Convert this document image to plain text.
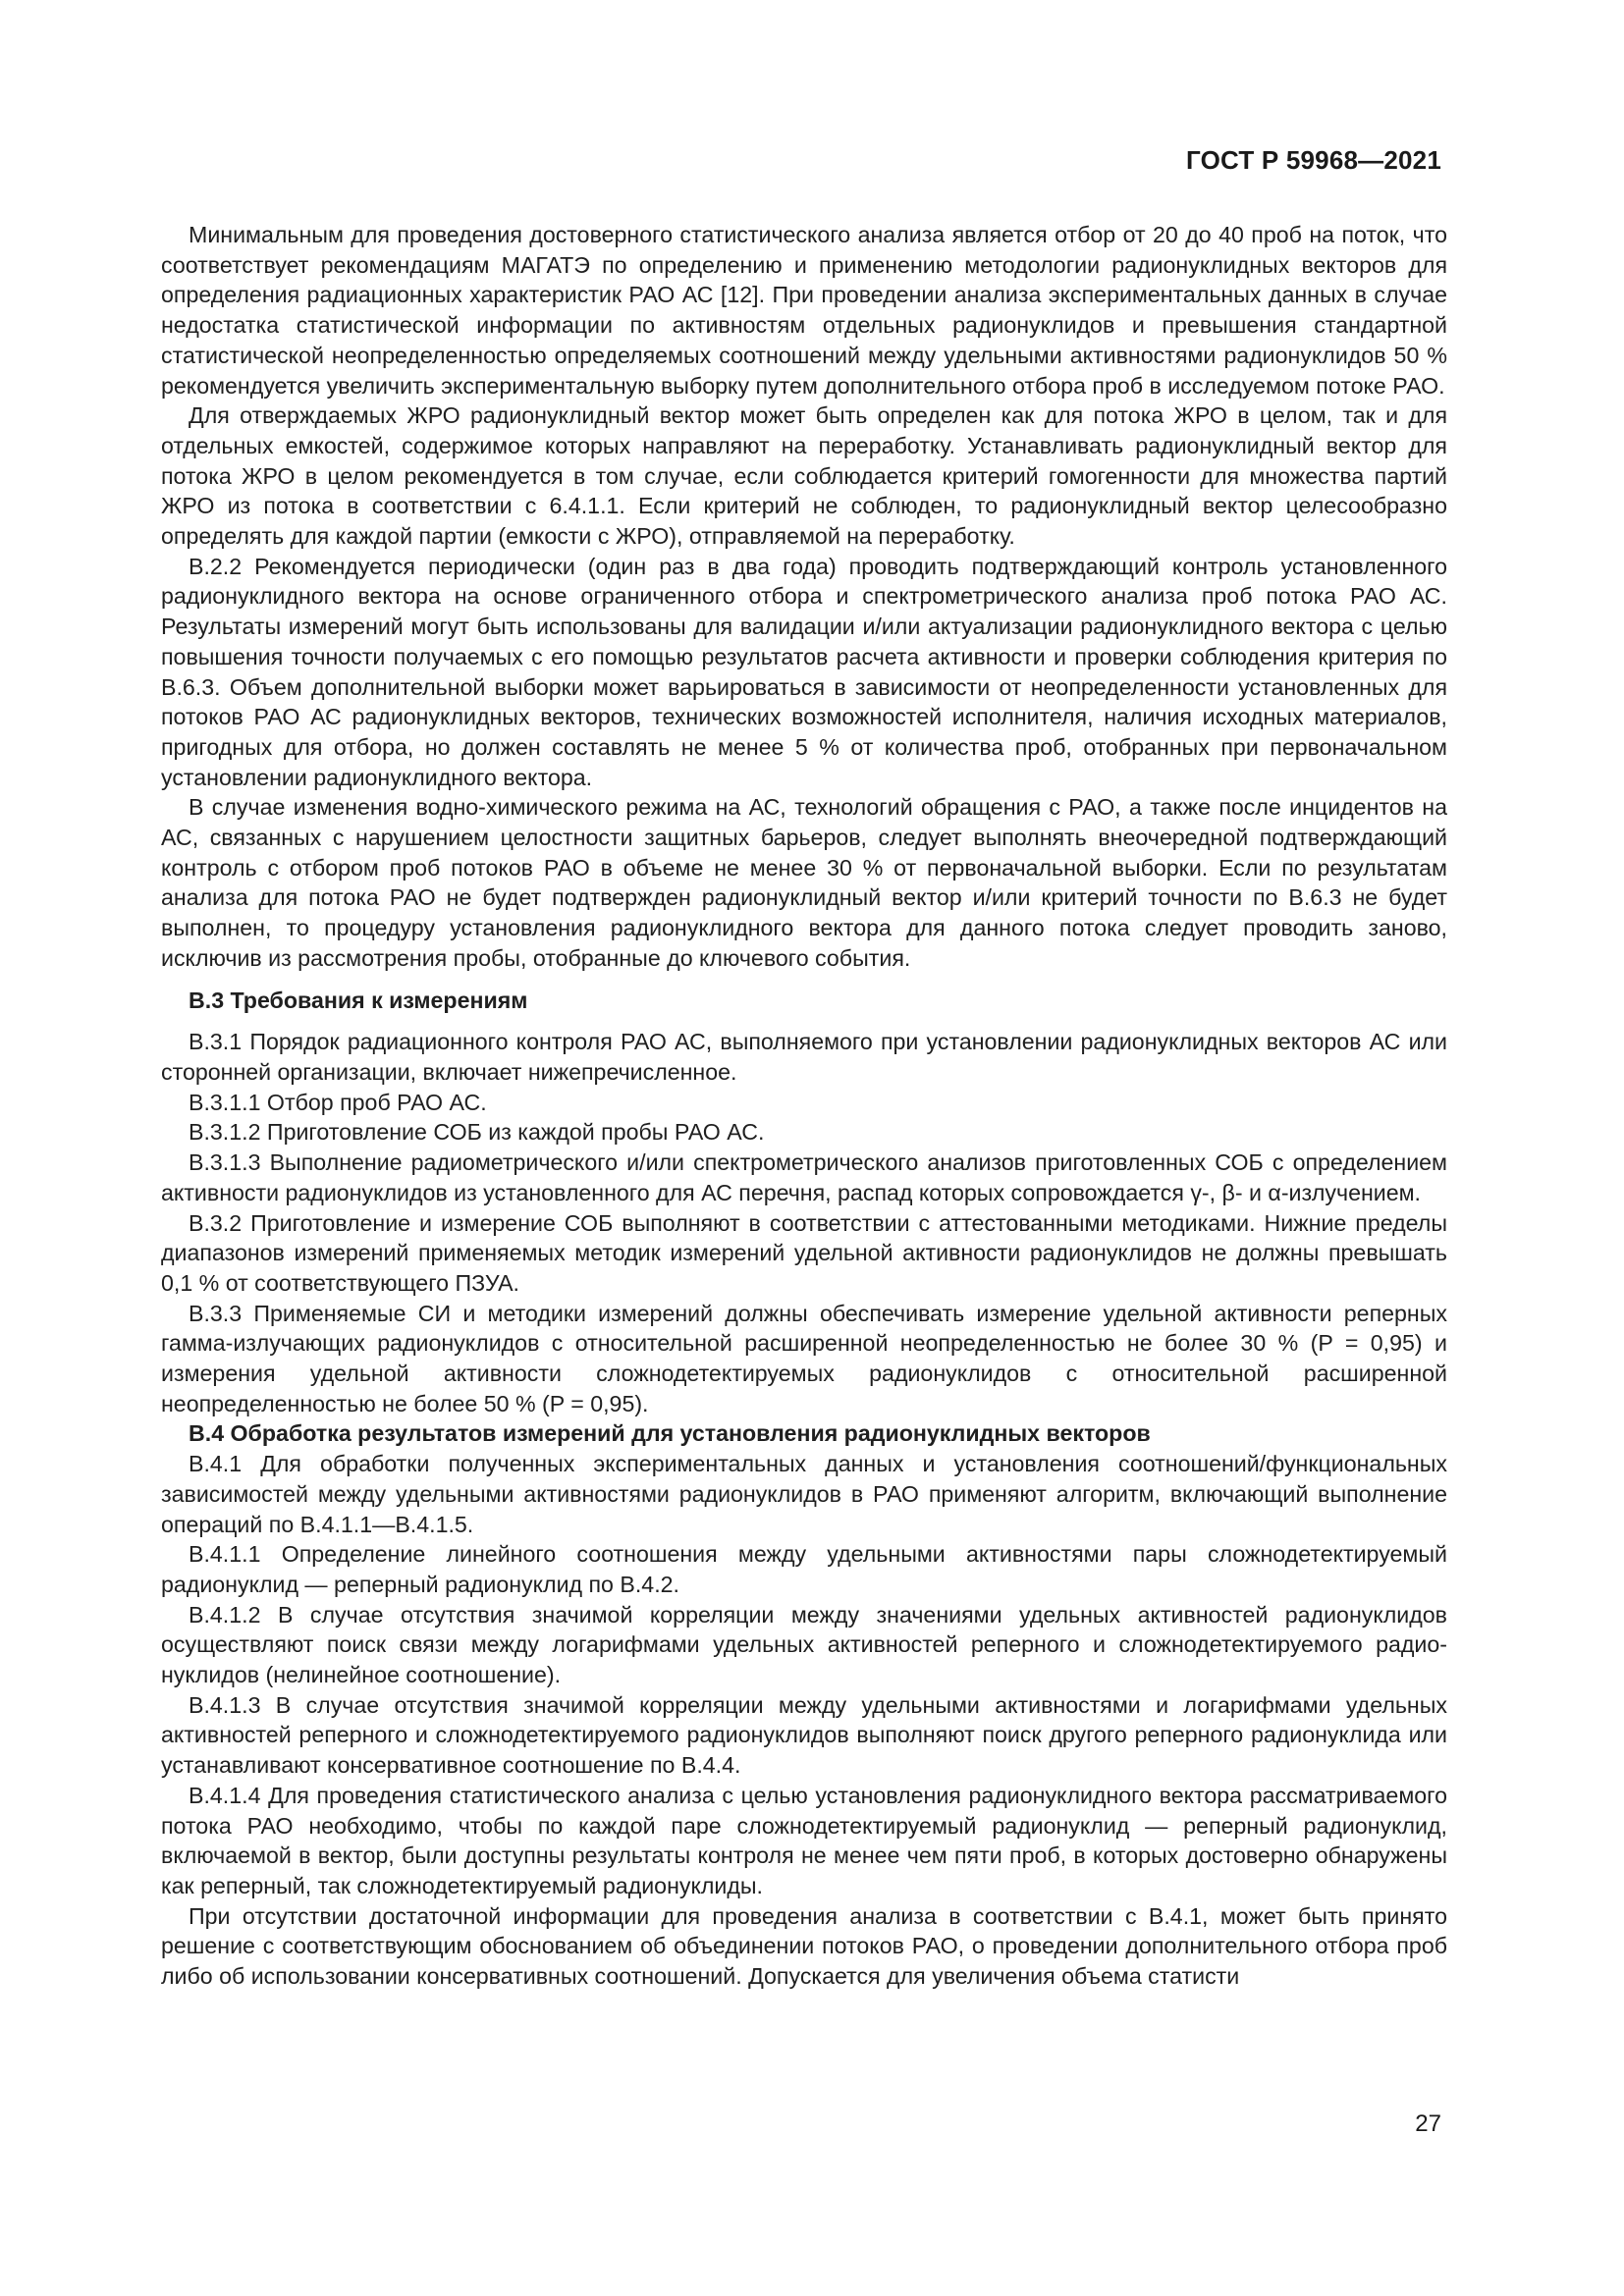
ГОСТ Р 59968—2021

Минимальным для проведения достоверного статистического анализа является отбор от 20 до 40 проб на поток, что соответствует рекомендациям МАГАТЭ по определению и применению методологии радионуклидных векторов для определения радиационных характеристик РАО АС [12]. При проведении анализа экспериментальных данных в случае недостатка статистической информации по активностям отдельных радионуклидов и превышения стандартной статистической неопределенностью определяемых соотношений между удельными активностями радионуклидов 50 % рекомендуется увеличить экспериментальную выборку путем дополнительного отбора проб в исследуемом потоке РАО.

Для отверждаемых ЖРО радионуклидный вектор может быть определен как для потока ЖРО в целом, так и для отдельных емкостей, содержимое которых направляют на переработку. Устанавливать радионуклидный вектор для потока ЖРО в целом рекомендуется в том случае, если соблюдается критерий гомогенности для множества партий ЖРО из потока в соответствии с 6.4.1.1. Если критерий не соблюден, то радионуклидный вектор целесообразно определять для каждой партии (емкости с ЖРО), отправляемой на переработку.

В.2.2 Рекомендуется периодически (один раз в два года) проводить подтверждающий контроль установленного радионуклидного вектора на основе ограниченного отбора и спектрометрического анализа проб потока РАО АС. Результаты измерений могут быть использованы для валидации и/или актуализации радионуклидного вектора с целью повышения точности получаемых с его помощью результатов расчета активности и проверки соблюдения критерия по В.6.3. Объем дополнительной выборки может варьироваться в зависимости от неопределенности установленных для потоков РАО АС радионуклидных векторов, технических возможностей исполнителя, наличия исходных материалов, пригодных для отбора, но должен составлять не менее 5 % от количества проб, отобранных при первоначальном установлении радионуклидного вектора.

В случае изменения водно-химического режима на АС, технологий обращения с РАО, а также после инцидентов на АС, связанных с нарушением целостности защитных барьеров, следует выполнять внеочередной подтверждающий контроль с отбором проб потоков РАО в объеме не менее 30 % от первоначальной выборки. Если по результатам анализа для потока РАО не будет подтвержден радионуклидный вектор и/или критерий точности по В.6.3 не будет выполнен, то процедуру установления радионуклидного вектора для данного потока следует проводить заново, исключив из рассмотрения пробы, отобранные до ключевого события.

В.3 Требования к измерениям

В.3.1 Порядок радиационного контроля РАО АС, выполняемого при установлении радионуклидных векторов АС или сторонней организации, включает нижепречисленное.

В.3.1.1 Отбор проб РАО АС.

В.3.1.2 Приготовление СОБ из каждой пробы РАО АС.

В.3.1.3 Выполнение радиометрического и/или спектрометрического анализов приготовленных СОБ с определением активности радионуклидов из установленного для АС перечня, распад которых сопровождается γ-, β- и α-излучением.

В.3.2 Приготовление и измерение СОБ выполняют в соответствии с аттестованными методиками. Нижние пределы диапазонов измерений применяемых методик измерений удельной активности радионуклидов не должны превышать 0,1 % от соответствующего ПЗУА.

В.3.3 Применяемые СИ и методики измерений должны обеспечивать измерение удельной активности реперных гамма-излучающих радионуклидов с относительной расширенной неопределенностью не более 30 % (P = 0,95) и измерения удельной активности сложнодетектируемых радионуклидов с относительной расширенной неопределенностью не более 50 % (P = 0,95).

В.4 Обработка результатов измерений для установления радионуклидных векторов

В.4.1 Для обработки полученных экспериментальных данных и установления соотношений/функциональных зависимостей между удельными активностями радионуклидов в РАО применяют алгоритм, включающий выполнение операций по В.4.1.1—В.4.1.5.

В.4.1.1 Определение линейного соотношения между удельными активностями пары сложнодетектируемый радионуклид — реперный радионуклид по В.4.2.

В.4.1.2 В случае отсутствия значимой корреляции между значениями удельных активностей радионуклидов осуществляют поиск связи между логарифмами удельных активностей реперного и сложнодетектируемого радионуклидов (нелинейное соотношение).

В.4.1.3 В случае отсутствия значимой корреляции между удельными активностями и логарифмами удельных активностей реперного и сложнодетектируемого радионуклидов выполняют поиск другого реперного радионуклида или устанавливают консервативное соотношение по В.4.4.

В.4.1.4 Для проведения статистического анализа с целью установления радионуклидного вектора рассматриваемого потока РАО необходимо, чтобы по каждой паре сложнодетектируемый радионуклид — реперный радионуклид, включаемой в вектор, были доступны результаты контроля не менее чем пяти проб, в которых достоверно обнаружены как реперный, так сложнодетектируемый радионуклиды.

При отсутствии достаточной информации для проведения анализа в соответствии с В.4.1, может быть принято решение с соответствующим обоснованием об объединении потоков РАО, о проведении дополнительного отбора проб либо об использовании консервативных соотношений. Допускается для увеличения объема статисти

27
